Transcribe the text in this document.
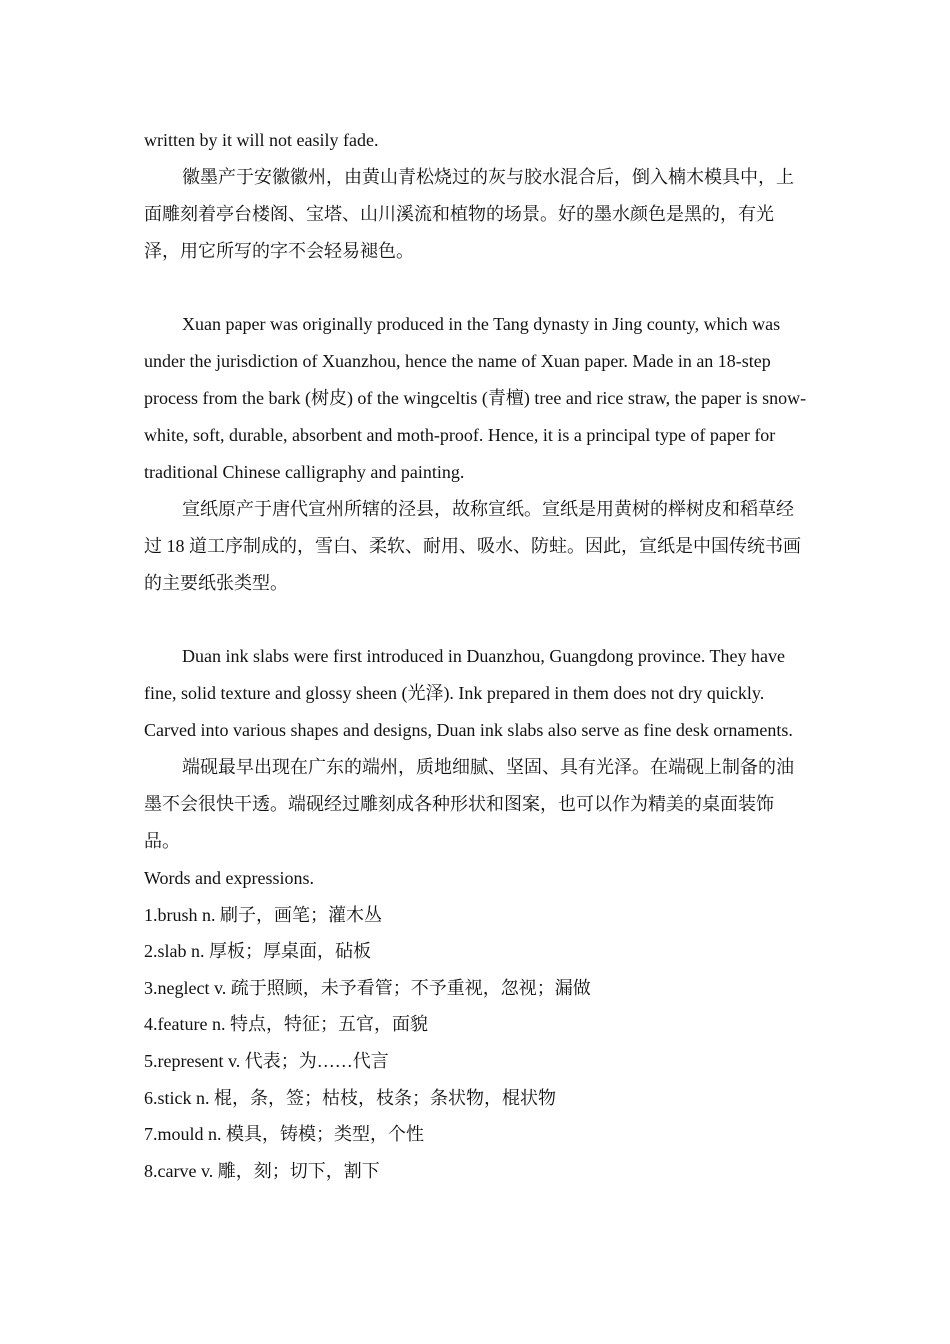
written by it will not easily fade.

徽墨产于安徽徽州，由黄山青松烧过的灰与胶水混合后，倒入楠木模具中，上面雕刻着亭台楼阁、宝塔、山川溪流和植物的场景。好的墨水颜色是黑的，有光泽，用它所写的字不会轻易褪色。

Xuan paper was originally produced in the Tang dynasty in Jing county, which was under the jurisdiction of Xuanzhou, hence the name of Xuan paper. Made in an 18-step process from the bark (树皮) of the wingceltis (青檀) tree and rice straw, the paper is snow-white, soft, durable, absorbent and moth-proof. Hence, it is a principal type of paper for traditional Chinese calligraphy and painting.

宣纸原产于唐代宣州所辖的泾县，故称宣纸。宣纸是用黄树的榉树皮和稻草经过 18 道工序制成的，雪白、柔软、耐用、吸水、防蛀。因此，宣纸是中国传统书画的主要纸张类型。

Duan ink slabs were first introduced in Duanzhou, Guangdong province. They have fine, solid texture and glossy sheen (光泽). Ink prepared in them does not dry quickly. Carved into various shapes and designs, Duan ink slabs also serve as fine desk ornaments.

端砚最早出现在广东的端州，质地细腻、坚固、具有光泽。在端砚上制备的油墨不会很快干透。端砚经过雕刻成各种形状和图案，也可以作为精美的桌面装饰品。

Words and expressions.

1.brush n. 刷子，画笔；灌木丛

2.slab n. 厚板；厚桌面，砧板

3.neglect v. 疏于照顾，未予看管；不予重视，忽视；漏做

4.feature n. 特点，特征；五官，面貌

5.represent v. 代表；为……代言

6.stick n. 棍，条，签；枯枝，枝条；条状物，棍状物

7.mould n. 模具，铸模；类型，个性

8.carve v. 雕，刻；切下，割下
